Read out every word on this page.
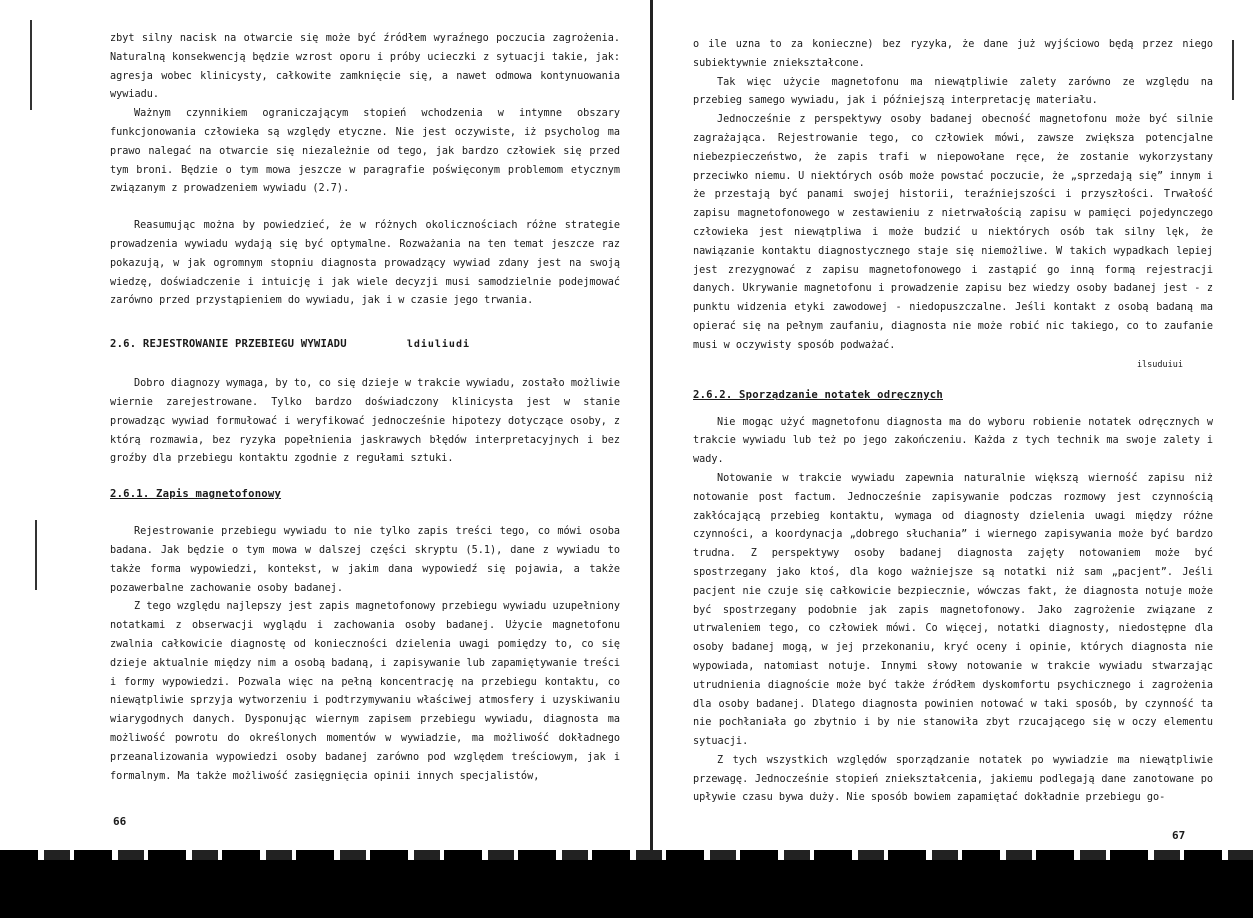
zbyt silny nacisk na otwarcie się może być źródłem wyraźnego poczucia zagrożenia. Naturalną konsekwencją będzie wzrost oporu i próby ucieczki z sytuacji takie, jak: agresja wobec klinicysty, całkowite zamknięcie się, a nawet odmowa kontynuowania wywiadu.

Ważnym czynnikiem ograniczającym stopień wchodzenia w intymne obszary funkcjonowania człowieka są względy etyczne. Nie jest oczywiste, iż psycholog ma prawo nalegać na otwarcie się niezależnie od tego, jak bardzo człowiek się przed tym broni. Będzie o tym mowa jeszcze w paragrafie poświęconym problemom etycznym związanym z prowadzeniem wywiadu (2.7).

Reasumując można by powiedzieć, że w różnych okolicznościach różne strategie prowadzenia wywiadu wydają się być optymalne. Rozważania na ten temat jeszcze raz pokazują, w jak ogromnym stopniu diagnosta prowadzący wywiad zdany jest na swoją wiedzę, doświadczenie i intuicję i jak wiele decyzji musi samodzielnie podejmować zarówno przed przystąpieniem do wywiadu, jak i w czasie jego trwania.

2.6. REJESTROWANIE PRZEBIEGU WYWIADU	ldiuliudi

Dobro diagnozy wymaga, by to, co się dzieje w trakcie wywiadu, zostało możliwie wiernie zarejestrowane. Tylko bardzo doświadczony klinicysta jest w stanie prowadząc wywiad formułować i weryfikować jednocześnie hipotezy dotyczące osoby, z którą rozmawia, bez ryzyka popełnienia jaskrawych błędów interpretacyjnych i bez groźby dla przebiegu kontaktu zgodnie z regułami sztuki.

2.6.1. Zapis magnetofonowy

Rejestrowanie przebiegu wywiadu to nie tylko zapis treści tego, co mówi osoba badana. Jak będzie o tym mowa w dalszej części skryptu (5.1), dane z wywiadu to także forma wypowiedzi, kontekst, w jakim dana wypowiedź się pojawia, a także pozawerbalne zachowanie osoby badanej.

Z tego względu najlepszy jest zapis magnetofonowy przebiegu wywiadu uzupełniony notatkami z obserwacji wyglądu i zachowania osoby badanej. Użycie magnetofonu zwalnia całkowicie diagnostę od konieczności dzielenia uwagi pomiędzy to, co się dzieje aktualnie między nim a osobą badaną, i zapisywanie lub zapamiętywanie treści i formy wypowiedzi. Pozwala więc na pełną koncentrację na przebiegu kontaktu, co niewątpliwie sprzyja wytworzeniu i podtrzymywaniu właściwej atmosfery i uzyskiwaniu wiarygodnych danych. Dysponując wiernym zapisem przebiegu wywiadu, diagnosta ma możliwość powrotu do określonych momentów w wywiadzie, ma możliwość dokładnego przeanalizowania wypowiedzi osoby badanej zarówno pod względem treściowym, jak i formalnym. Ma także możliwość zasięgnięcia opinii innych specjalistów,

66

o ile uzna to za konieczne) bez ryzyka, że dane już wyjściowo będą przez niego subiektywnie zniekształcone.

Tak więc użycie magnetofonu ma niewątpliwie zalety zarówno ze względu na przebieg samego wywiadu, jak i późniejszą interpretację materiału.

Jednocześnie z perspektywy osoby badanej obecność magnetofonu może być silnie zagrażająca. Rejestrowanie tego, co człowiek mówi, zawsze zwiększa potencjalne niebezpieczeństwo, że zapis trafi w niepowołane ręce, że zostanie wykorzystany przeciwko niemu. U niektórych osób może powstać poczucie, że „sprzedają się” innym i że przestają być panami swojej historii, teraźniejszości i przyszłości. Trwałość zapisu magnetofonowego w zestawieniu z nietrwałością zapisu w pamięci pojedynczego człowieka jest niewątpliwa i może budzić u niektórych osób tak silny lęk, że nawiązanie kontaktu diagnostycznego staje się niemożliwe. W takich wypadkach lepiej jest zrezygnować z zapisu magnetofonowego i zastąpić go inną formą rejestracji danych. Ukrywanie magnetofonu i prowadzenie zapisu bez wiedzy osoby badanej jest - z punktu widzenia etyki zawodowej - niedopuszczalne. Jeśli kontakt z osobą badaną ma opierać się na pełnym zaufaniu, diagnosta nie może robić nic takiego, co to zaufanie musi w oczywisty sposób podważać.

ilsuduiui
2.6.2. Sporządzanie notatek odręcznych

Nie mogąc użyć magnetofonu diagnosta ma do wyboru robienie notatek odręcznych w trakcie wywiadu lub też po jego zakończeniu. Każda z tych technik ma swoje zalety i wady.

Notowanie w trakcie wywiadu zapewnia naturalnie większą wierność zapisu niż notowanie post factum. Jednocześnie zapisywanie podczas rozmowy jest czynnością zakłócającą przebieg kontaktu, wymaga od diagnosty dzielenia uwagi między różne czynności, a koordynacja „dobrego słuchania” i wiernego zapisywania może być bardzo trudna. Z perspektywy osoby badanej diagnosta zajęty notowaniem może być spostrzegany jako ktoś, dla kogo ważniejsze są notatki niż sam „pacjent”. Jeśli pacjent nie czuje się całkowicie bezpiecznie, wówczas fakt, że diagnosta notuje może być spostrzegany podobnie jak zapis magnetofonowy. Jako zagrożenie związane z utrwaleniem tego, co człowiek mówi. Co więcej, notatki diagnosty, niedostępne dla osoby badanej mogą, w jej przekonaniu, kryć oceny i opinie, których diagnosta nie wypowiada, natomiast notuje. Innymi słowy notowanie w trakcie wywiadu stwarzając utrudnienia diagnoście może być także źródłem dyskomfortu psychicznego i zagrożenia dla osoby badanej. Dlatego diagnosta powinien notować w taki sposób, by czynność ta nie pochłaniała go zbytnio i by nie stanowiła zbyt rzucającego się w oczy elementu sytuacji.

Z tych wszystkich względów sporządzanie notatek po wywiadzie ma niewątpliwie przewagę. Jednocześnie stopień zniekształcenia, jakiemu podlegają dane zanotowane po upływie czasu bywa duży. Nie sposób bowiem zapamiętać dokładnie przebiegu go-

67
